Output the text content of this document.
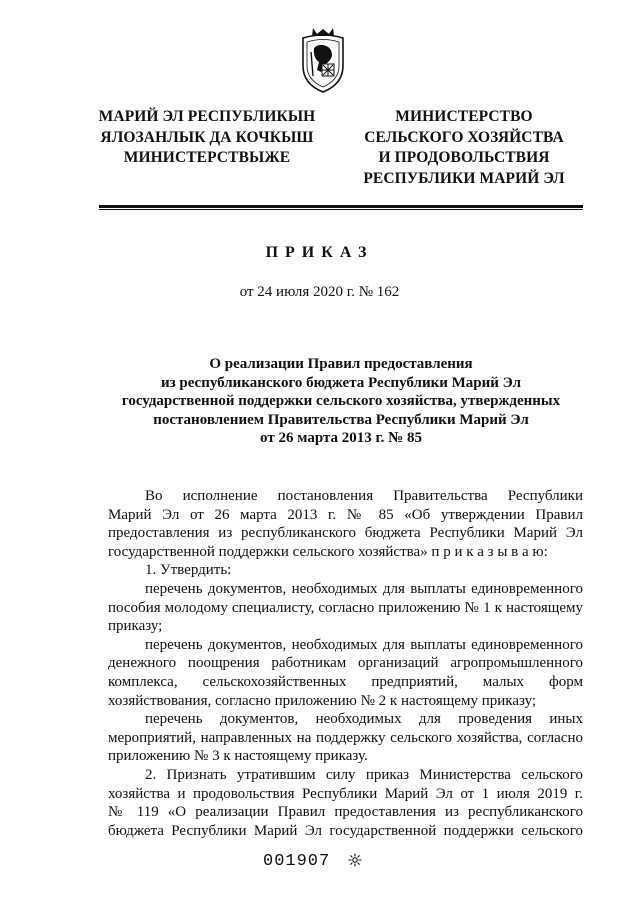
МАРИЙ ЭЛ РЕСПУБЛИКЫН
ЯЛОЗАНЛЫК ДА КОЧКЫШ
МИНИСТЕРСТВЫЖЕ
МИНИСТЕРСТВО
СЕЛЬСКОГО ХОЗЯЙСТВА
И ПРОДОВОЛЬСТВИЯ
РЕСПУБЛИКИ МАРИЙ ЭЛ
ПРИКАЗ
от 24 июля 2020 г. № 162
О реализации Правил предоставления
из республиканского бюджета Республики Марий Эл
государственной поддержки сельского хозяйства, утвержденных
постановлением Правительства Республики Марий Эл
от 26 марта 2013 г. № 85
Во исполнение постановления Правительства Республики
Марий Эл от 26 марта 2013 г. № 85 «Об утверждении Правил
предоставления из республиканского бюджета Республики Марий Эл
государственной поддержки сельского хозяйства» п р и к а з ы в а ю:
1. Утвердить:
перечень документов, необходимых для выплаты единовременного
пособия молодому специалисту, согласно приложению № 1 к настоящему
приказу;
перечень документов, необходимых для выплаты единовременного
денежного поощрения работникам организаций агропромышленного
комплекса, сельскохозяйственных предприятий, малых форм
хозяйствования, согласно приложению № 2 к настоящему приказу;
перечень документов, необходимых для проведения иных
мероприятий, направленных на поддержку сельского хозяйства, согласно
приложению № 3 к настоящему приказу.
2. Признать утратившим силу приказ Министерства сельского
хозяйства и продовольствия Республики Марий Эл от 1 июля 2019 г.
№ 119 «О реализации Правил предоставления из республиканского
бюджета Республики Марий Эл государственной поддержки сельского
001907
